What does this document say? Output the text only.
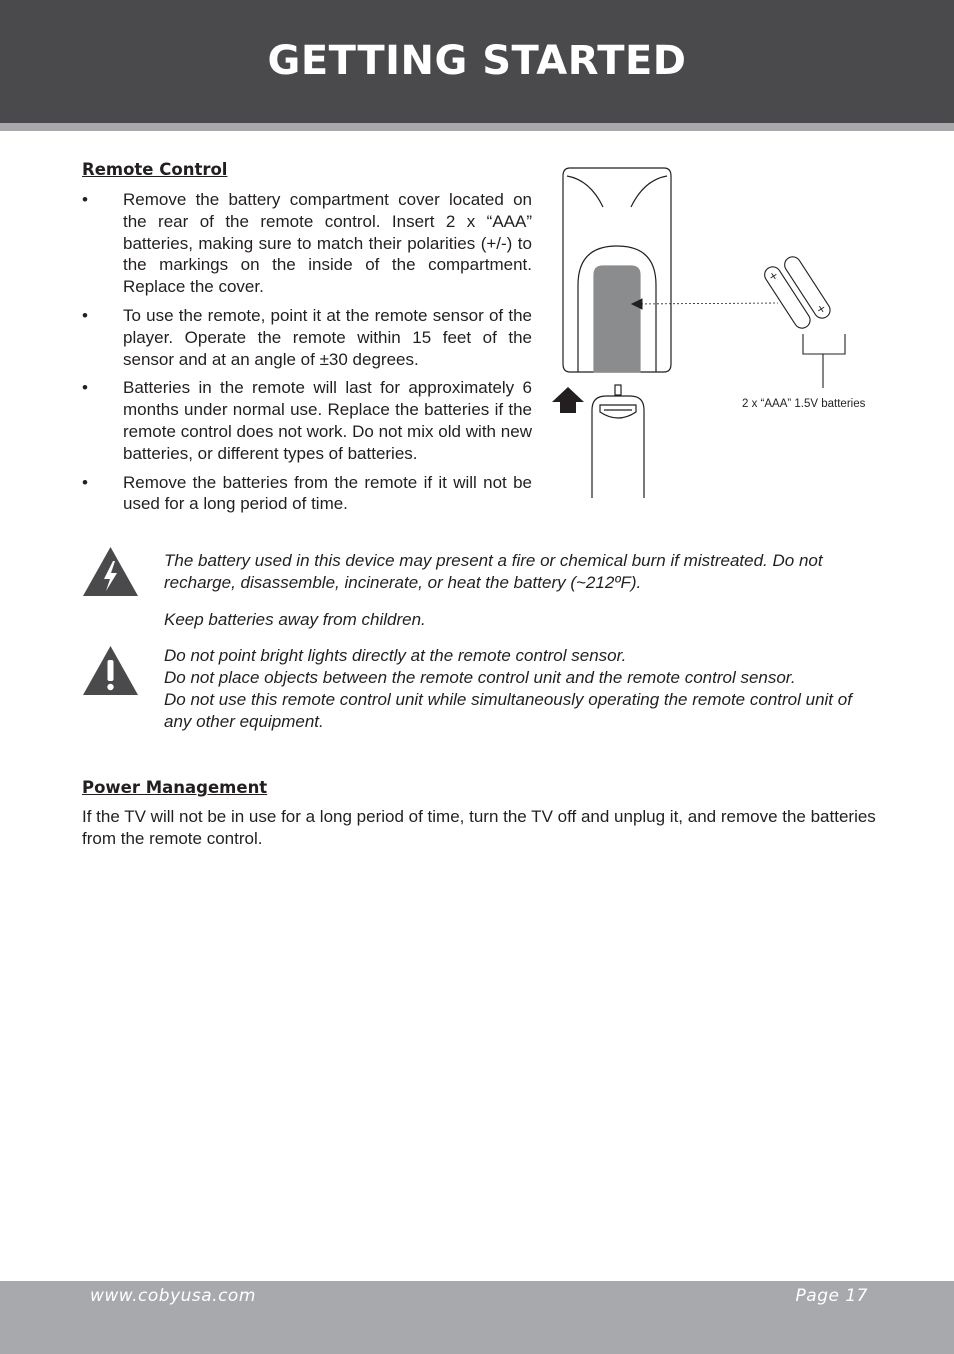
GETTING STARTED
Remote Control
• Remove the battery compartment cover located on the rear of the remote control. Insert 2 x “AAA” batteries, making sure to match their polarities (+/-) to the markings on the inside of the compartment. Replace the cover.
• To use the remote, point it at the remote sensor of the player. Operate the remote within 15 feet of the sensor and at an angle of ±30 degrees.
• Batteries in the remote will last for approximately 6 months under normal use. Replace the batteries if the remote control does not work. Do not mix old with new batteries, or different types of batteries.
• Remove the batteries from the remote if it will not be used for a long period of time.
+
+
2 x “AAA” 1.5V batteries

The battery used in this device may present a fire or chemical burn if mistreated. Do not recharge, disassemble, incinerate, or heat the battery (~212ºF).

Keep batteries away from children.

Do not point bright lights directly at the remote control sensor.

Do not place objects between the remote control unit and the remote control sensor.

Do not use this remote control unit while simultaneously operating the remote control unit of any other equipment.

Power Management
If the TV will not be in use for a long period of time, turn the TV off and unplug it, and remove the batteries from the remote control.
www.cobyusa.com	Page 17
